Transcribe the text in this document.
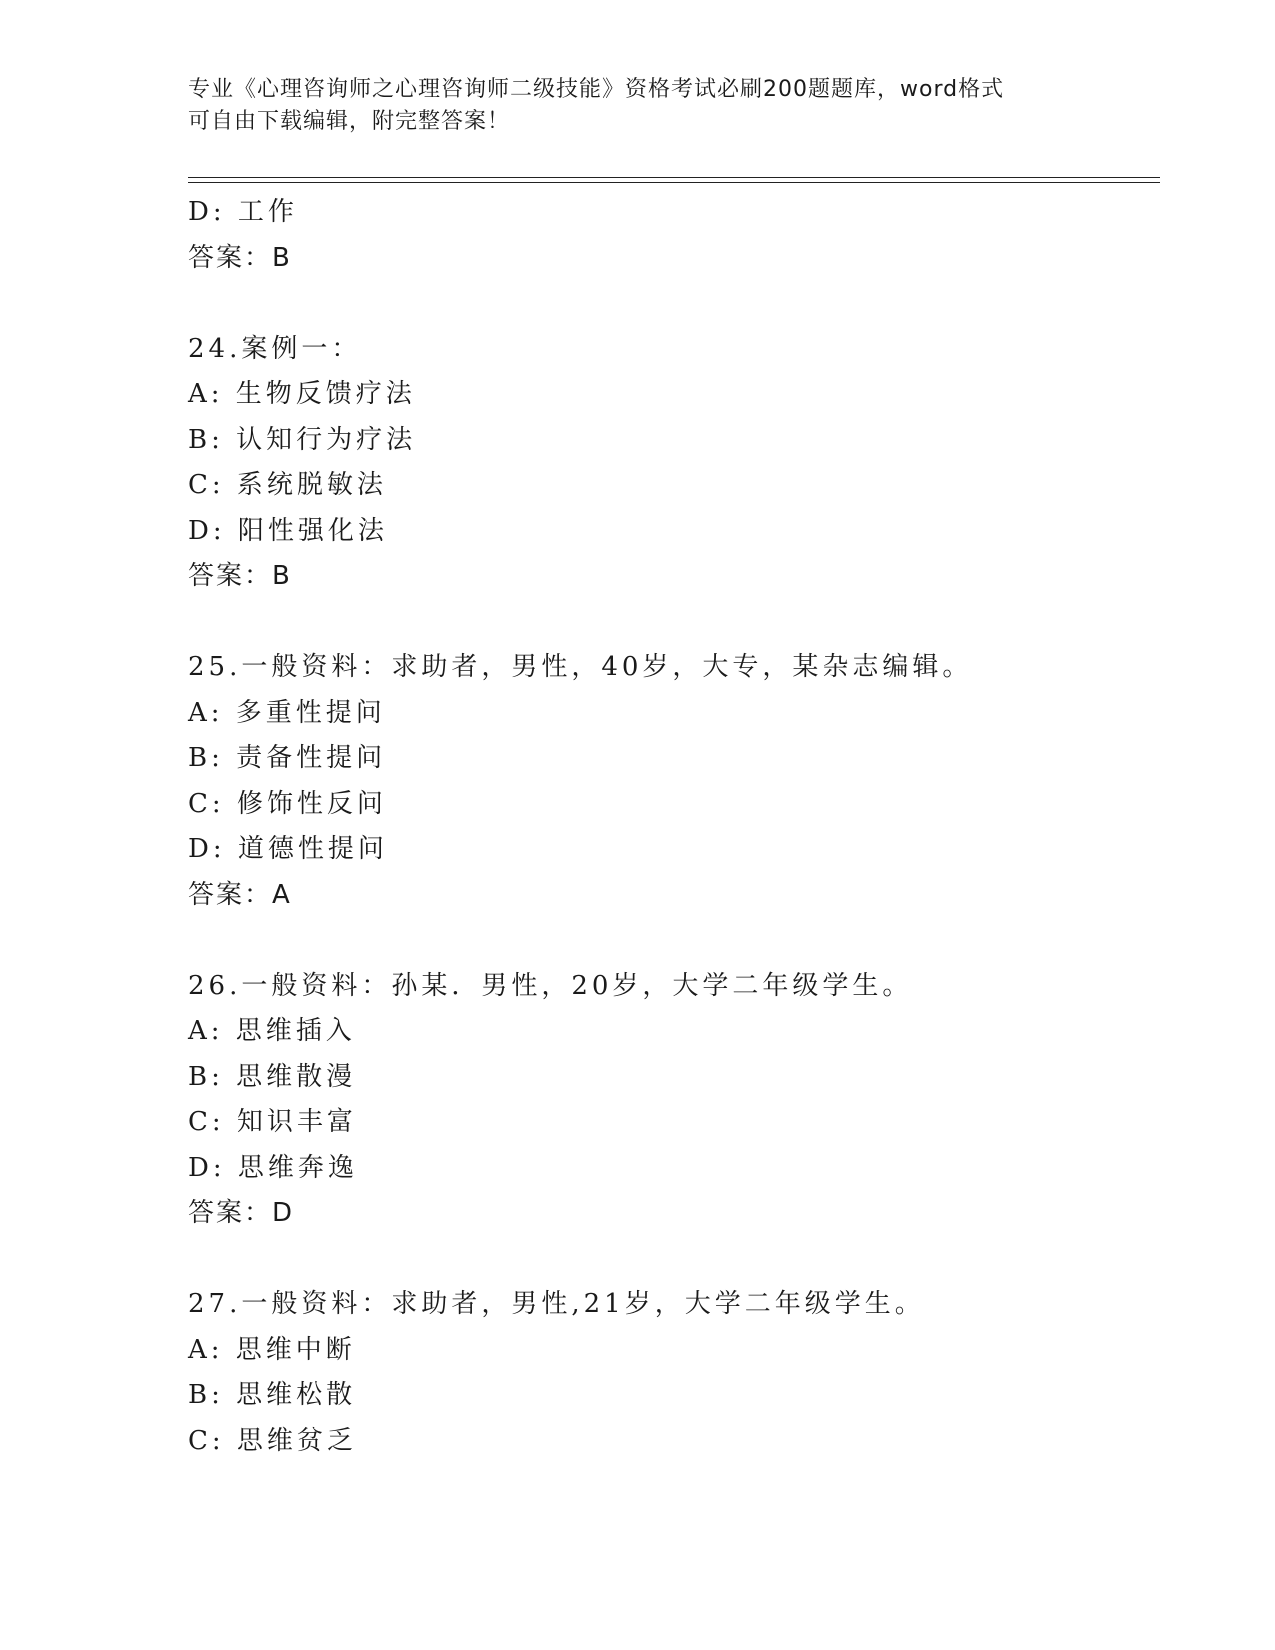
专业《心理咨询师之心理咨询师二级技能》资格考试必刷200题题库，word格式
可自由下载编辑，附完整答案！
D: 工作
答案：B
24.案例一：
A: 生物反馈疗法
B: 认知行为疗法
C: 系统脱敏法
D: 阳性强化法
答案：B
25.一般资料：求助者，男性，40岁，大专，某杂志编辑。
A: 多重性提问
B: 责备性提问
C: 修饰性反问
D: 道德性提问
答案：A
26.一般资料：孙某．男性，20岁，大学二年级学生。
A: 思维插入
B: 思维散漫
C: 知识丰富
D: 思维奔逸
答案：D
27.一般资料：求助者，男性,21岁，大学二年级学生。
A: 思维中断
B: 思维松散
C: 思维贫乏
